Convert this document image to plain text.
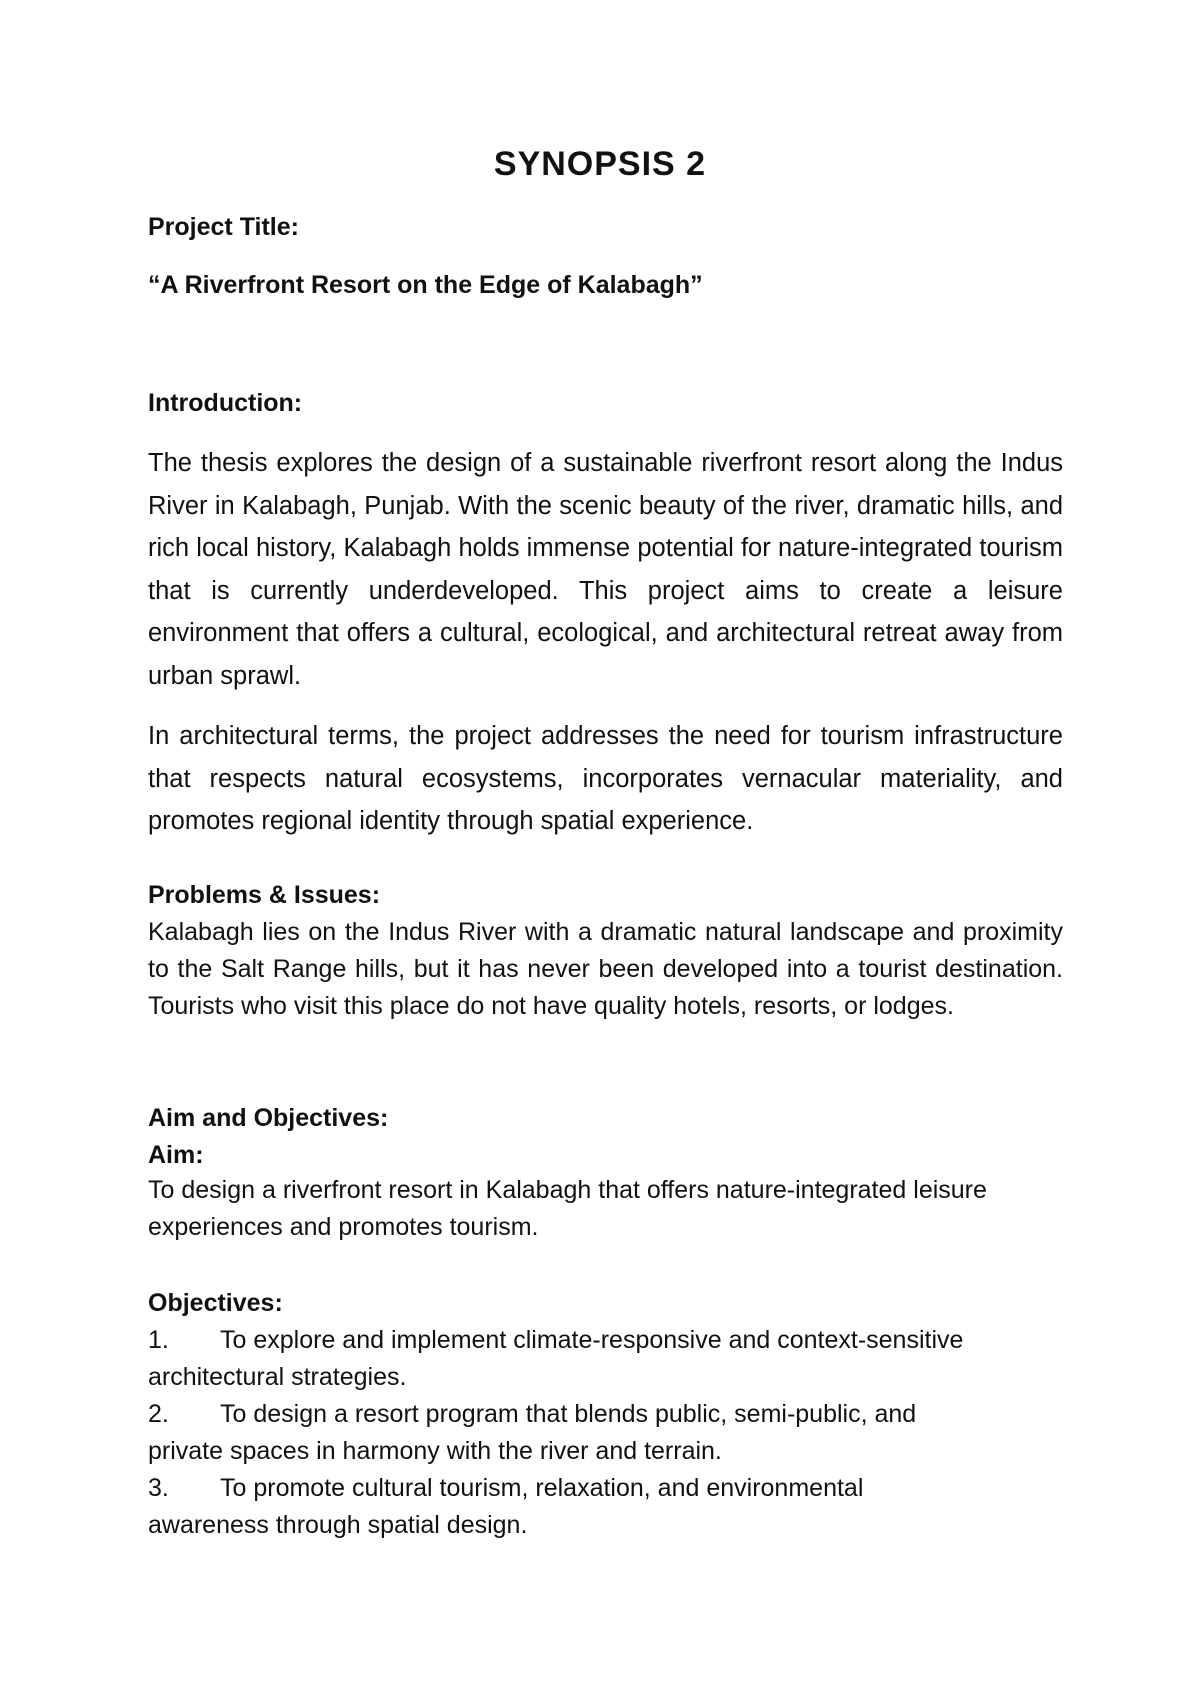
SYNOPSIS 2
Project Title:
“A Riverfront Resort on the Edge of Kalabagh”
Introduction:

The thesis explores the design of a sustainable riverfront resort along the Indus River in Kalabagh, Punjab. With the scenic beauty of the river, dramatic hills, and rich local history, Kalabagh holds immense potential for nature-integrated tourism that is currently underdeveloped. This project aims to create a leisure environment that offers a cultural, ecological, and architectural retreat away from urban sprawl.

In architectural terms, the project addresses the need for tourism infrastructure that respects natural ecosystems, incorporates vernacular materiality, and promotes regional identity through spatial experience.

Problems & Issues:

Kalabagh lies on the Indus River with a dramatic natural landscape and proximity to the Salt Range hills, but it has never been developed into a tourist destination. Tourists who visit this place do not have quality hotels, resorts, or lodges.

Aim and Objectives:
Aim:

To design a riverfront resort in Kalabagh that offers nature-integrated leisure experiences and promotes tourism.

Objectives:

1. To explore and implement climate-responsive and context-sensitive

architectural strategies.

2. To design a resort program that blends public, semi-public, and

private spaces in harmony with the river and terrain.

3. To promote cultural tourism, relaxation, and environmental

awareness through spatial design.
